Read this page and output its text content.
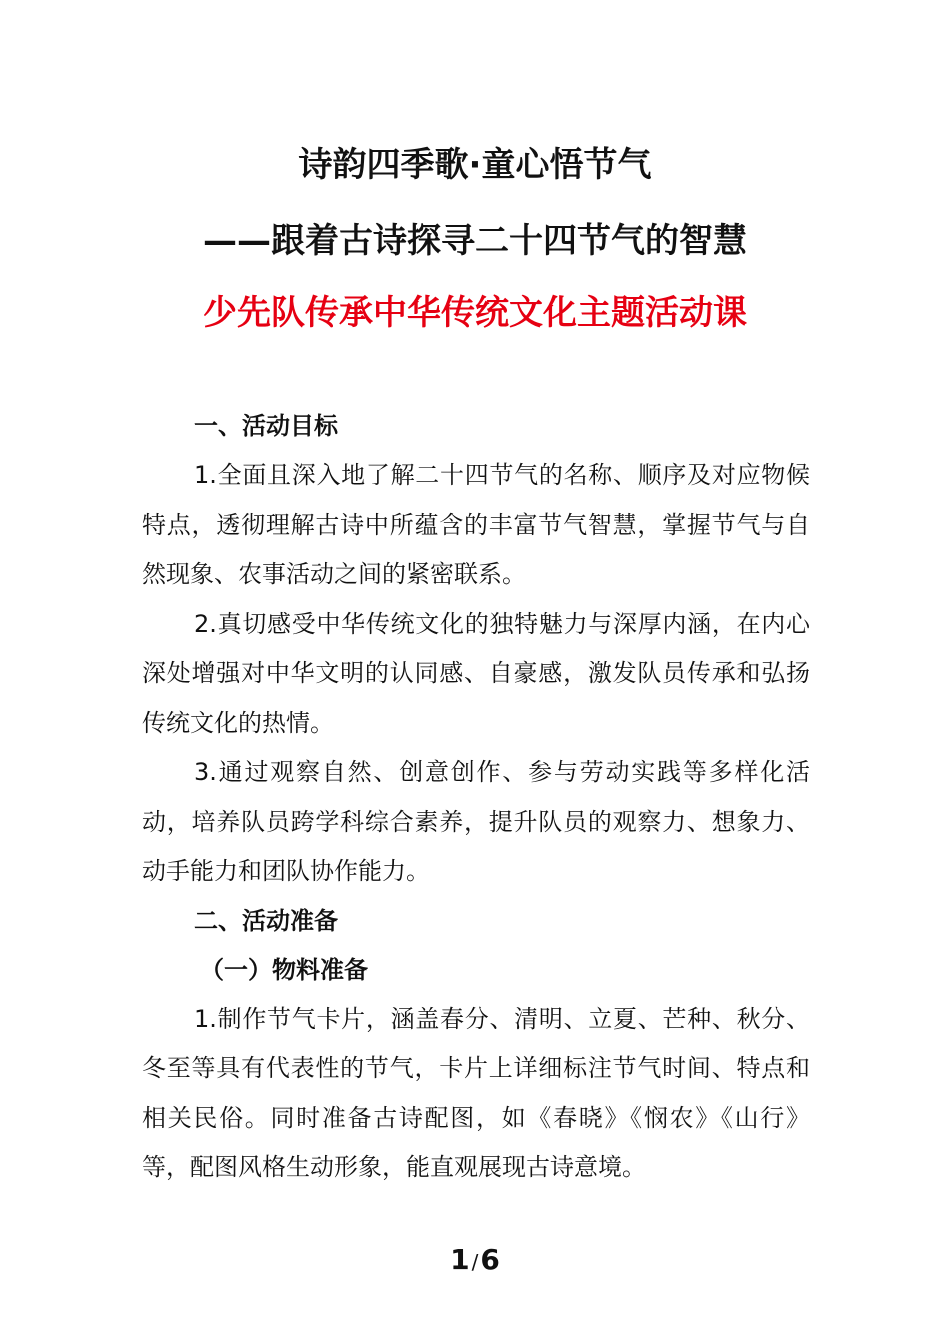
诗韵四季歌·童心悟节气
——跟着古诗探寻二十四节气的智慧
少先队传承中华传统文化主题活动课
一、活动目标

1.全面且深入地了解二十四节气的名称、顺序及对应物候特点，透彻理解古诗中所蕴含的丰富节气智慧，掌握节气与自然现象、农事活动之间的紧密联系。

2.真切感受中华传统文化的独特魅力与深厚内涵，在内心深处增强对中华文明的认同感、自豪感，激发队员传承和弘扬传统文化的热情。

3.通过观察自然、创意创作、参与劳动实践等多样化活动，培养队员跨学科综合素养，提升队员的观察力、想象力、动手能力和团队协作能力。

二、活动准备
（一）物料准备

1.制作节气卡片，涵盖春分、清明、立夏、芒种、秋分、冬至等具有代表性的节气，卡片上详细标注节气时间、特点和相关民俗。同时准备古诗配图，如《春晓》《悯农》《山行》等，配图风格生动形象，能直观展现古诗意境。

1 /6
